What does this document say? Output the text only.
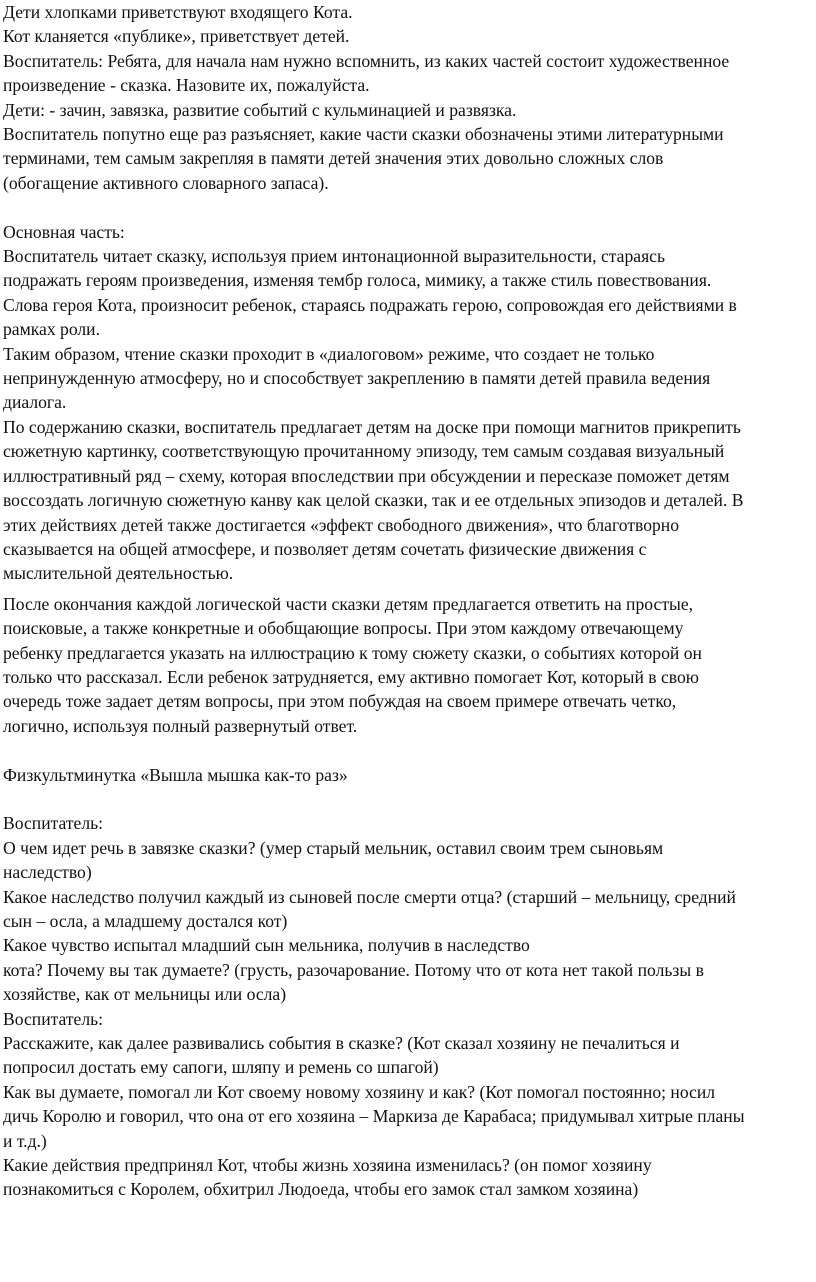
Дети хлопками приветствуют входящего Кота.
Кот кланяется «публике», приветствует детей.
Воспитатель: Ребята, для начала нам нужно вспомнить, из каких частей состоит художественное
произведение - сказка. Назовите их, пожалуйста.
Дети: - зачин, завязка, развитие событий с кульминацией и развязка.
Воспитатель попутно еще раз разъясняет, какие части сказки обозначены этими литературными
терминами, тем самым закрепляя в памяти детей значения этих довольно сложных слов
(обогащение активного словарного запаса).
Основная часть:
Воспитатель читает сказку, используя прием интонационной выразительности, стараясь
подражать героям произведения, изменяя тембр голоса, мимику, а также стиль повествования.
Слова героя Кота, произносит ребенок, стараясь подражать герою, сопровождая его действиями в
рамках роли.
Таким образом, чтение сказки проходит в «диалоговом» режиме, что создает не только
непринужденную атмосферу, но и способствует закреплению в памяти детей правила ведения
диалога.
По содержанию сказки, воспитатель предлагает детям на доске при помощи магнитов прикрепить
сюжетную картинку, соответствующую прочитанному эпизоду, тем самым создавая визуальный
иллюстративный ряд – схему, которая впоследствии при обсуждении и пересказе поможет детям
воссоздать логичную сюжетную канву как целой сказки, так и ее отдельных эпизодов и деталей. В
этих действиях детей также достигается «эффект свободного движения», что благотворно
сказывается на общей атмосфере, и позволяет детям сочетать физические движения с
мыслительной деятельностью.
После окончания каждой логической части сказки детям предлагается ответить на простые,
поисковые, а также конкретные и обобщающие вопросы. При этом каждому отвечающему
ребенку предлагается указать на иллюстрацию к тому сюжету сказки, о событиях которой он
только что рассказал. Если ребенок затрудняется, ему активно помогает Кот, который в свою
очередь тоже задает детям вопросы, при этом побуждая на своем примере отвечать четко,
логично, используя полный развернутый ответ.
Физкультминутка «Вышла мышка как-то раз»
Воспитатель:
О чем идет речь в завязке сказки? (умер старый мельник, оставил своим трем сыновьям
наследство)
Какое наследство получил каждый из сыновей после смерти отца? (старший – мельницу, средний
сын – осла, а младшему достался кот)
Какое чувство испытал младший сын мельника, получив в наследство
кота? Почему вы так думаете? (грусть, разочарование. Потому что от кота нет такой пользы в
хозяйстве, как от мельницы или осла)
Воспитатель:
Расскажите, как далее развивались события в сказке? (Кот сказал хозяину не печалиться и
попросил достать ему сапоги, шляпу и ремень со шпагой)
Как вы думаете, помогал ли Кот своему новому хозяину и как? (Кот помогал постоянно; носил
дичь Королю и говорил, что она от его хозяина – Маркиза де Карабаса; придумывал хитрые планы
и т.д.)
Какие действия предпринял Кот, чтобы жизнь хозяина изменилась? (он помог хозяину
познакомиться с Королем, обхитрил Людоеда, чтобы его замок стал замком хозяина)
